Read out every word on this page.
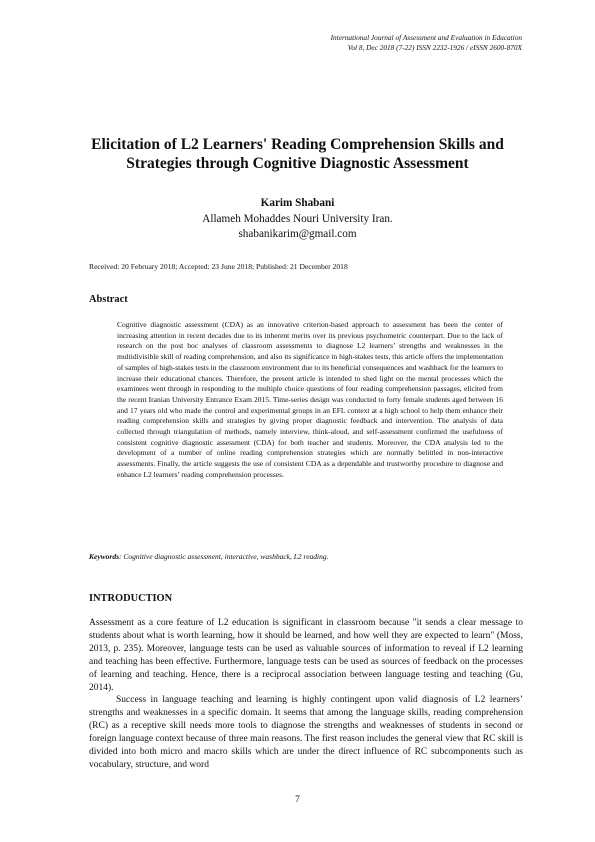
International Journal of Assessment and Evaluation in Education
Vol 8, Dec 2018 (7-22) ISSN 2232-1926 / eISSN 2600-870X
Elicitation of L2 Learners' Reading Comprehension Skills and Strategies through Cognitive Diagnostic Assessment
Karim Shabani
Allameh Mohaddes Nouri University Iran.
shabanikarim@gmail.com
Received: 20 February 2018; Accepted: 23 June 2018; Published: 21 December 2018
Abstract

Cognitive diagnostic assessment (CDA) as an innovative criterion-based approach to assessment has been the center of increasing attention in recent decades due to its inherent merits over its previous psychometric counterpart. Due to the lack of research on the post hoc analyses of classroom assessments to diagnose L2 learners’ strengths and weaknesses in the multidivisible skill of reading comprehension, and also its significance in high-stakes tests, this article offers the implementation of samples of high-stakes tests in the classroom environment due to its beneficial consequences and washback for the learners to increase their educational chances. Therefore, the present article is intended to shed light on the mental processes which the examinees went through in responding to the multiple choice questions of four reading comprehension passages, elicited from the recent Iranian University Entrance Exam 2015. Time-series design was conducted to forty female students aged between 16 and 17 years old who made the control and experimental groups in an EFL context at a high school to help them enhance their reading comprehension skills and strategies by giving proper diagnostic feedback and intervention. The analysis of data collected through triangulation of methods, namely interview, think-aloud, and self-assessment confirmed the usefulness of consistent cognitive diagnostic assessment (CDA) for both teacher and students. Moreover, the CDA analysis led to the development of a number of online reading comprehension strategies which are normally belittled in non-interactive assessments. Finally, the article suggests the use of consistent CDA as a dependable and trustworthy procedure to diagnose and enhance L2 learners’ reading comprehension processes.

Keywords: Cognitive diagnostic assessment, interactive, washback, L2 reading.
INTRODUCTION

Assessment as a core feature of L2 education is significant in classroom because "it sends a clear message to students about what is worth learning, how it should be learned, and how well they are expected to learn" (Moss, 2013, p. 235). Moreover, language tests can be used as valuable sources of information to reveal if L2 learning and teaching has been effective. Furthermore, language tests can be used as sources of feedback on the processes of learning and teaching. Hence, there is a reciprocal association between language testing and teaching (Gu, 2014).

Success in language teaching and learning is highly contingent upon valid diagnosis of L2 learners’ strengths and weaknesses in a specific domain. It seems that among the language skills, reading comprehension (RC) as a receptive skill needs more tools to diagnose the strengths and weaknesses of students in second or foreign language context because of three main reasons. The first reason includes the general view that RC skill is divided into both micro and macro skills which are under the direct influence of RC subcomponents such as vocabulary, structure, and word

7
